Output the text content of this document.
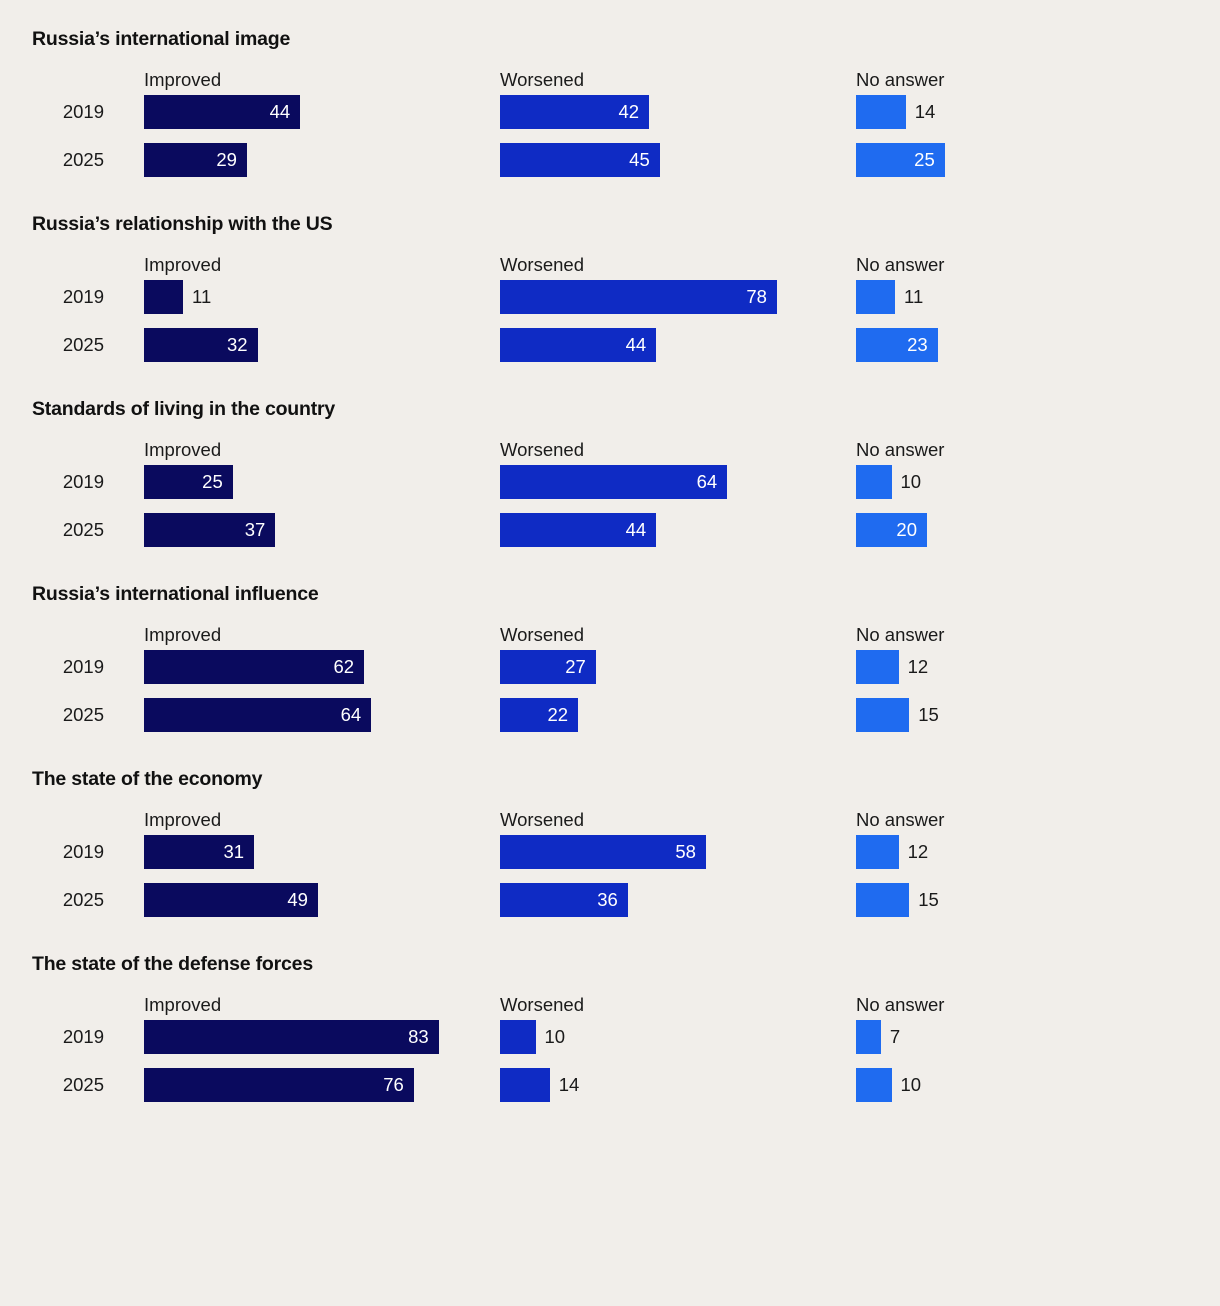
Russia’s international image
Improved	Worsened	No answer
2019	44	42	14
2025	29	45	25
Russia’s relationship with the US
Improved	Worsened	No answer
2019	11	78	11
2025	32	44	23
Standards of living in the country
Improved	Worsened	No answer
2019	25	64	10
2025	37	44	20
Russia’s international influence
Improved	Worsened	No answer
2019	62	27	12
2025	64	22	15
The state of the economy
Improved	Worsened	No answer
2019	31	58	12
2025	49	36	15
The state of the defense forces
Improved	Worsened	No answer
2019	83	10	7
2025	76	14	10
